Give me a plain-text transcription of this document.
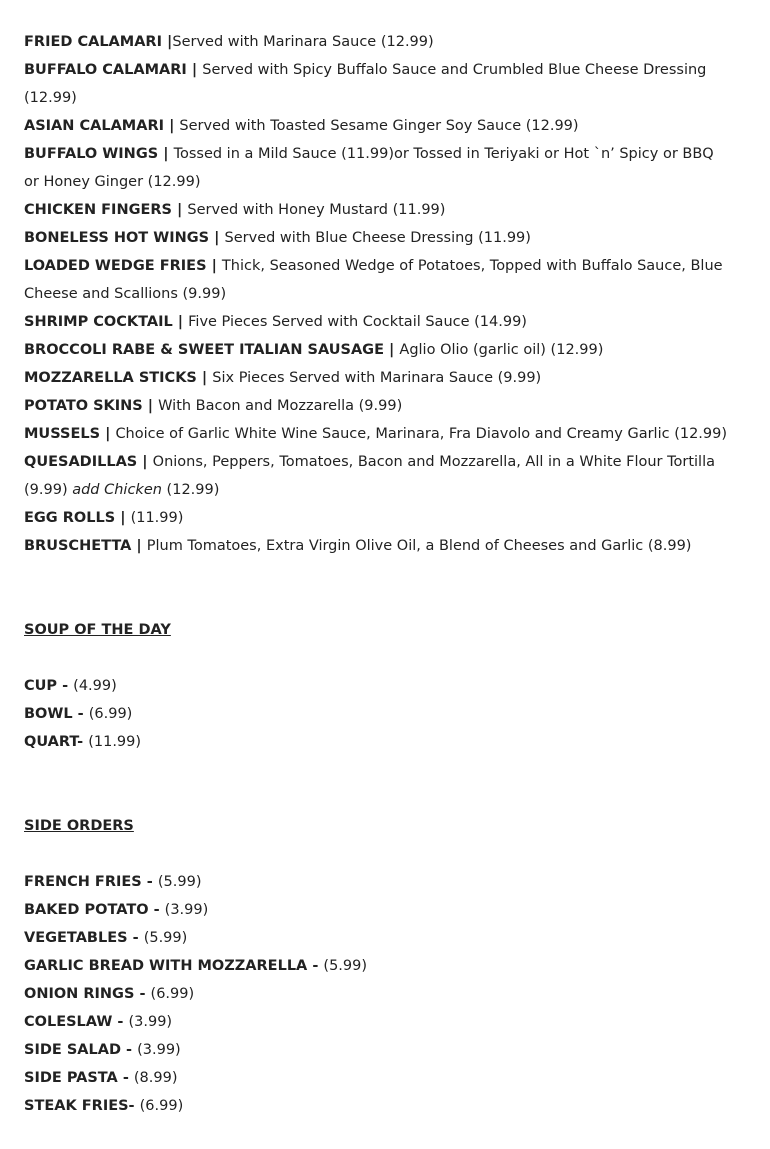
FRIED CALAMARI |Served with Marinara Sauce (12.99)

BUFFALO CALAMARI | Served with Spicy Buffalo Sauce and Crumbled Blue Cheese Dressing (12.99)

ASIAN CALAMARI | Served with Toasted Sesame Ginger Soy Sauce (12.99)

BUFFALO WINGS | Tossed in a Mild Sauce (11.99)or Tossed in Teriyaki or Hot `n’ Spicy or BBQ or Honey Ginger (12.99)

CHICKEN FINGERS | Served with Honey Mustard (11.99)

BONELESS HOT WINGS | Served with Blue Cheese Dressing (11.99)

LOADED WEDGE FRIES | Thick, Seasoned Wedge of Potatoes, Topped with Buffalo Sauce, Blue Cheese and Scallions (9.99)

SHRIMP COCKTAIL | Five Pieces Served with Cocktail Sauce (14.99)

BROCCOLI RABE & SWEET ITALIAN SAUSAGE | Aglio Olio (garlic oil) (12.99)

MOZZARELLA STICKS | Six Pieces Served with Marinara Sauce (9.99)

POTATO SKINS | With Bacon and Mozzarella (9.99)

MUSSELS | Choice of Garlic White Wine Sauce, Marinara, Fra Diavolo and Creamy Garlic (12.99)

QUESADILLAS | Onions, Peppers, Tomatoes, Bacon and Mozzarella, All in a White Flour Tortilla (9.99) add Chicken (12.99)

EGG ROLLS | (11.99)

BRUSCHETTA | Plum Tomatoes, Extra Virgin Olive Oil, a Blend of Cheeses and Garlic (8.99)

SOUP OF THE DAY

CUP - (4.99)

BOWL - (6.99)

QUART- (11.99)

SIDE ORDERS

FRENCH FRIES - (5.99)

BAKED POTATO - (3.99)

VEGETABLES - (5.99)

GARLIC BREAD WITH MOZZARELLA - (5.99)

ONION RINGS - (6.99)

COLESLAW - (3.99)

SIDE SALAD - (3.99)

SIDE PASTA - (8.99)

STEAK FRIES- (6.99)
